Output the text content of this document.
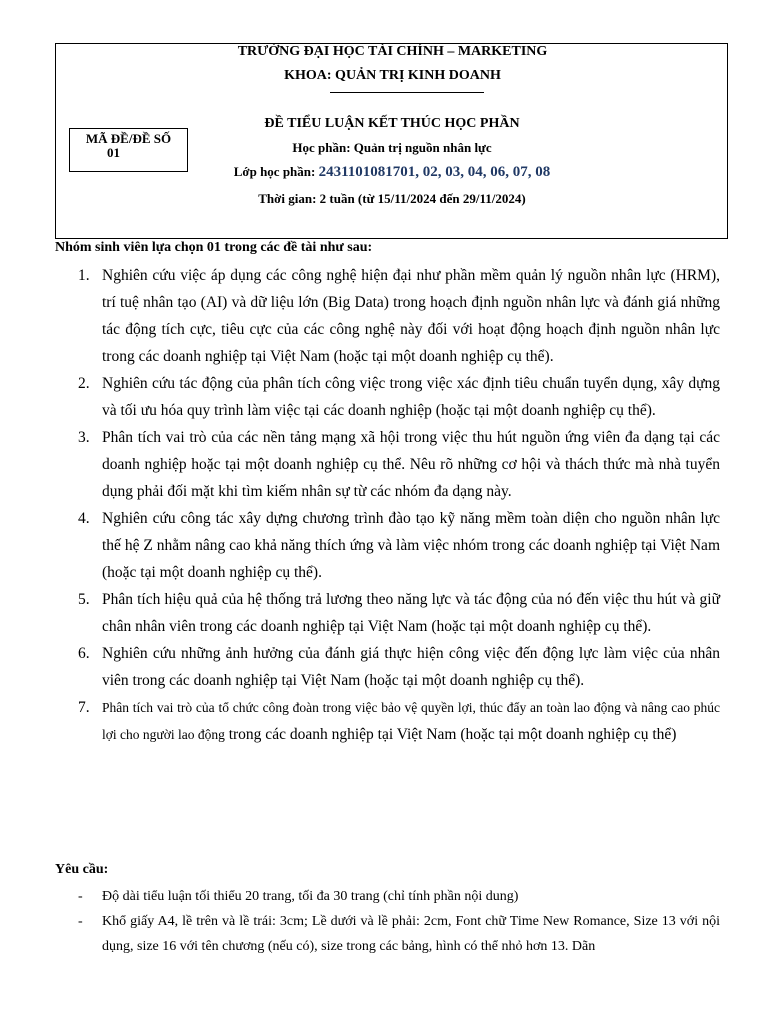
TRƯỜNG ĐẠI HỌC TÀI CHÍNH – MARKETING
KHOA: QUẢN TRỊ KINH DOANH
MÃ ĐỀ/ĐỀ SỐ
01
ĐỀ TIỂU LUẬN KẾT THÚC HỌC PHẦN
Học phần: Quản trị nguồn nhân lực
Lớp học phần: 2431101081701, 02, 03, 04, 06, 07, 08
Thời gian: 2 tuần (từ 15/11/2024 đến 29/11/2024)
Nhóm sinh viên lựa chọn 01 trong các đề tài như sau:
1. Nghiên cứu việc áp dụng các công nghệ hiện đại như phần mềm quản lý nguồn nhân lực (HRM), trí tuệ nhân tạo (AI) và dữ liệu lớn (Big Data) trong hoạch định nguồn nhân lực và đánh giá những tác động tích cực, tiêu cực của các công nghệ này đối với hoạt động hoạch định nguồn nhân lực trong các doanh nghiệp tại Việt Nam (hoặc tại một doanh nghiệp cụ thể).
2. Nghiên cứu tác động của phân tích công việc trong việc xác định tiêu chuẩn tuyển dụng, xây dựng và tối ưu hóa quy trình làm việc tại các doanh nghiệp (hoặc tại một doanh nghiệp cụ thể).
3. Phân tích vai trò của các nền tảng mạng xã hội trong việc thu hút nguồn ứng viên đa dạng tại các doanh nghiệp hoặc tại một doanh nghiệp cụ thể. Nêu rõ những cơ hội và thách thức mà nhà tuyển dụng phải đối mặt khi tìm kiếm nhân sự từ các nhóm đa dạng này.
4. Nghiên cứu công tác xây dựng chương trình đào tạo kỹ năng mềm toàn diện cho nguồn nhân lực thế hệ Z nhằm nâng cao khả năng thích ứng và làm việc nhóm trong các doanh nghiệp tại Việt Nam (hoặc tại một doanh nghiệp cụ thể).
5. Phân tích hiệu quả của hệ thống trả lương theo năng lực và tác động của nó đến việc thu hút và giữ chân nhân viên trong các doanh nghiệp tại Việt Nam (hoặc tại một doanh nghiệp cụ thể).
6. Nghiên cứu những ảnh hưởng của đánh giá thực hiện công việc đến động lực làm việc của nhân viên trong các doanh nghiệp tại Việt Nam (hoặc tại một doanh nghiệp cụ thể).
7. Phân tích vai trò của tổ chức công đoàn trong việc bảo vệ quyền lợi, thúc đẩy an toàn lao động và nâng cao phúc lợi cho người lao động trong các doanh nghiệp tại Việt Nam (hoặc tại một doanh nghiệp cụ thể)
Yêu cầu:
- Độ dài tiểu luận tối thiểu 20 trang, tối đa 30 trang (chỉ tính phần nội dung)
- Khổ giấy A4, lề trên và lề trái: 3cm; Lề dưới và lề phải: 2cm, Font chữ Time New Romance, Size 13 với nội dụng, size 16 với tên chương (nếu có), size trong các bảng, hình có thể nhỏ hơn 13. Dãn
